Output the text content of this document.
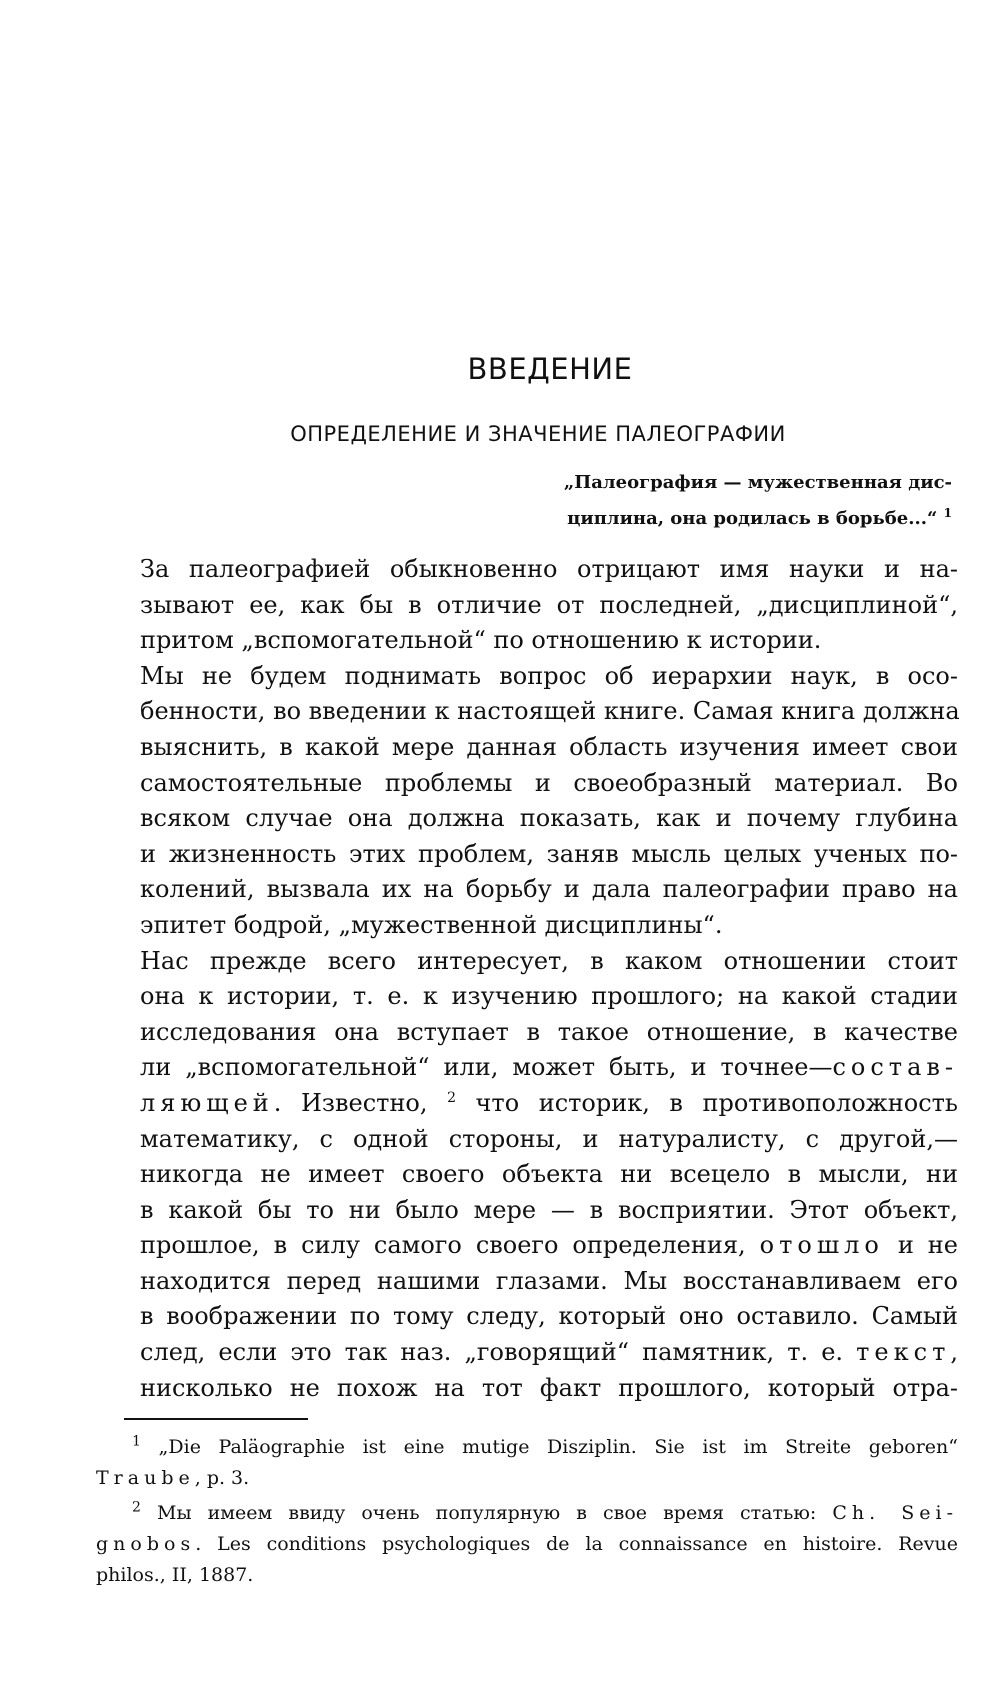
ВВЕДЕНИЕ
ОПРЕДЕЛЕНИЕ И ЗНАЧЕНИЕ ПАЛЕОГРАФИИ
„Палеография — мужественная дис-
циплина, она родилась в борьбе...“ $^1$
За палеографией обыкновенно отрицают имя науки и на-
зывают ее, как бы в отличие от последней, „дисциплиной“,
притом „вспомогательной“ по отношению к истории.
Мы не будем поднимать вопрос об иерархии наук, в осо-
бенности, во введении к настоящей книге. Самая книга должна
выяснить, в какой мере данная область изучения имеет свои
самостоятельные проблемы и своеобразный материал. Во
всяком случае она должна показать, как и почему глубина
и жизненность этих проблем, заняв мысль целых ученых по-
колений, вызвала их на борьбу и дала палеографии право на
эпитет бодрой, „мужественной дисциплины“.
Нас прежде всего интересует, в каком отношении стоит
она к истории, т. е. к изучению прошлого; на какой стадии
исследования она вступает в такое отношение, в качестве
ли „вспомогательной“ или, может быть, и точнее—состав-
ляющей. Известно, $^2$ что историк, в противоположность
математику, с одной стороны, и натуралисту, с другой,—
никогда не имеет своего объекта ни всецело в мысли, ни
в какой бы то ни было мере — в восприятии. Этот объект,
прошлое, в силу самого своего определения, отошло и не
находится перед нашими глазами. Мы восстанавливаем его
в воображении по тому следу, который оно оставило. Самый
след, если это так наз. „говорящий“ памятник, т. е. текст,
нисколько не похож на тот факт прошлого, который отра-
$^1$ „Die Paläographie ist eine mutige Disziplin. Sie ist im Streite geboren“
Traube, p. 3.
$^2$ Мы имеем ввиду очень популярную в свое время статью: Ch. Sei-
gnobos. Les conditions psychologiques de la connaissance en histoire. Revue
philos., II, 1887.
